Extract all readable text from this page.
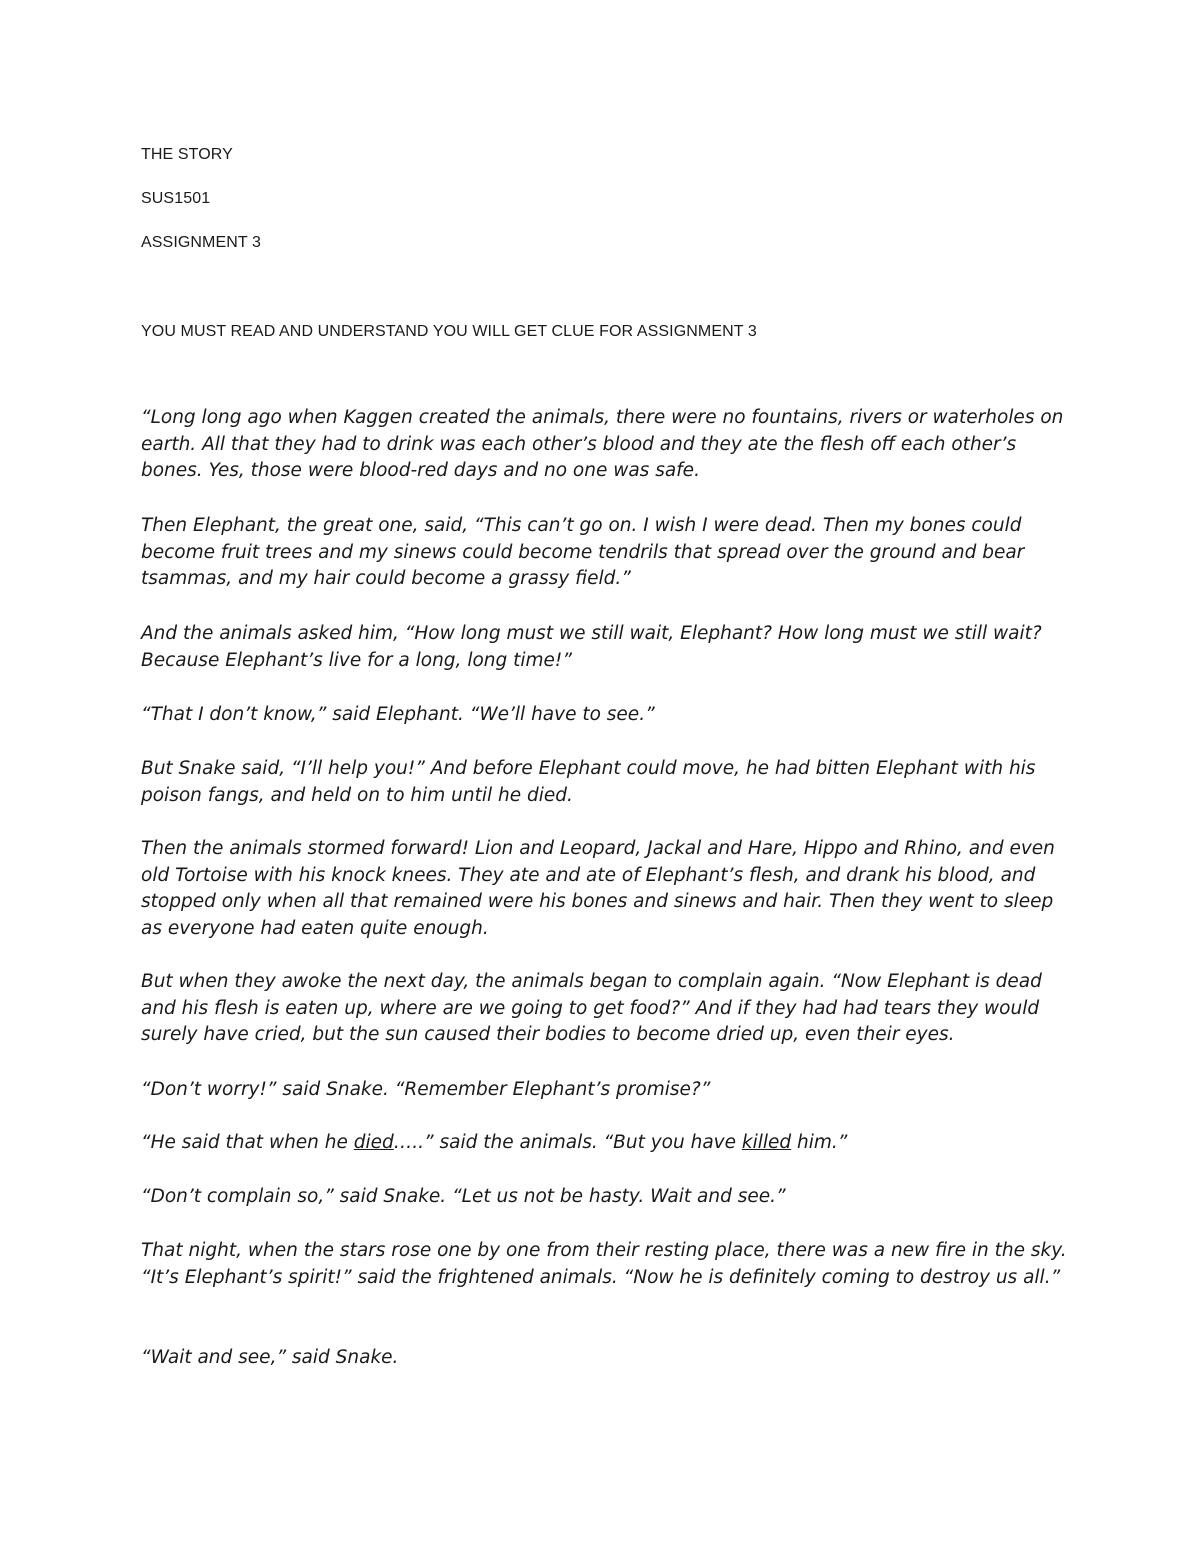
THE STORY
SUS1501
ASSIGNMENT 3
YOU MUST READ AND UNDERSTAND YOU WILL GET CLUE FOR ASSIGNMENT 3

“Long long ago when Kaggen created the animals, there were no fountains, rivers or waterholes on earth. All that they had to drink was each other’s blood and they ate the flesh off each other’s bones. Yes, those were blood-red days and no one was safe.

Then Elephant, the great one, said, “This can’t go on. I wish I were dead. Then my bones could become fruit trees and my sinews could become tendrils that spread over the ground and bear tsammas, and my hair could become a grassy field.”

And the animals asked him, “How long must we still wait, Elephant? How long must we still wait? Because Elephant’s live for a long, long time!”

“That I don’t know,” said Elephant. “We’ll have to see.”

But Snake said, “I’ll help you!” And before Elephant could move, he had bitten Elephant with his poison fangs, and held on to him until he died.

Then the animals stormed forward! Lion and Leopard, Jackal and Hare, Hippo and Rhino, and even old Tortoise with his knock knees. They ate and ate of Elephant’s flesh, and drank his blood, and stopped only when all that remained were his bones and sinews and hair. Then they went to sleep as everyone had eaten quite enough.

But when they awoke the next day, the animals began to complain again. “Now Elephant is dead and his flesh is eaten up, where are we going to get food?” And if they had had tears they would surely have cried, but the sun caused their bodies to become dried up, even their eyes.

“Don’t worry!” said Snake. “Remember Elephant’s promise?”

“He said that when he died…..” said the animals. “But you have killed him.”

“Don’t complain so,” said Snake. “Let us not be hasty. Wait and see.”

That night, when the stars rose one by one from their resting place, there was a new fire in the sky. “It’s Elephant’s spirit!” said the frightened animals. “Now he is definitely coming to destroy us all.”

“Wait and see,” said Snake.
